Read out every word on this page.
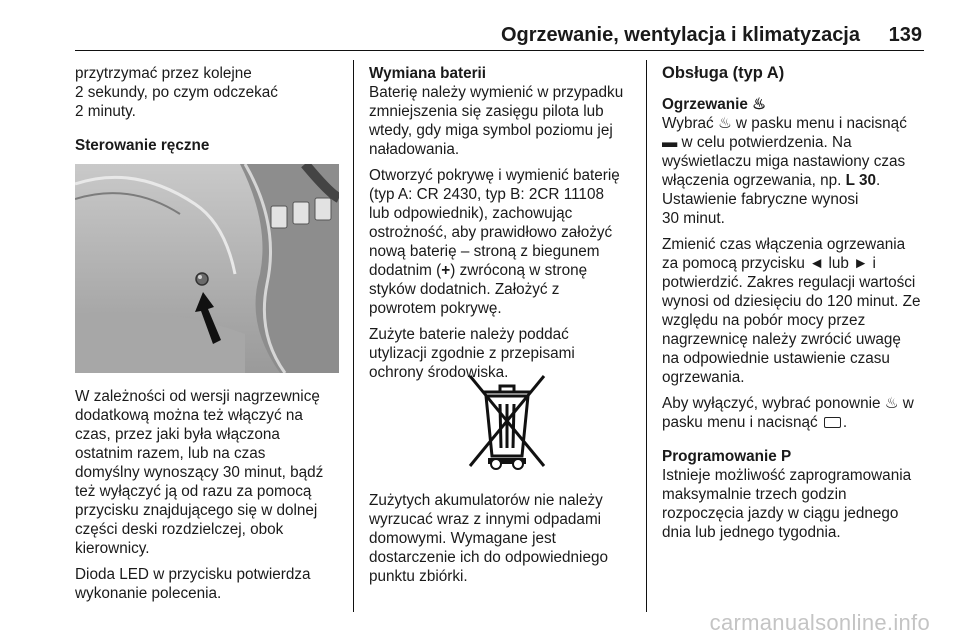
Ogrzewanie, wentylacja i klimatyzacja 139

przytrzymać przez kolejne
2 sekundy, po czym odczekać
2 minuty.

Sterowanie ręczne

W zależności od wersji nagrzewnicę
dodatkową można też włączyć na
czas, przez jaki była włączona
ostatnim razem, lub na czas
domyślny wynoszący 30 minut, bądź
też wyłączyć ją od razu za pomocą
przycisku znajdującego się w dolnej
części deski rozdzielczej, obok
kierownicy.

Dioda LED w przycisku potwierdza
wykonanie polecenia.

Wymiana baterii

Baterię należy wymienić w przypadku
zmniejszenia się zasięgu pilota lub
wtedy, gdy miga symbol poziomu jej
naładowania.

Otworzyć pokrywę i wymienić baterię
(typ A: CR 2430, typ B: 2CR 11108
lub odpowiednik), zachowując
ostrożność, aby prawidłowo założyć
nową baterię – stroną z biegunem
dodatnim (+) zwróconą w stronę
styków dodatnich. Założyć z
powrotem pokrywę.

Zużyte baterie należy poddać
utylizacji zgodnie z przepisami
ochrony środowiska.

Zużytych akumulatorów nie należy
wyrzucać wraz z innymi odpadami
domowymi. Wymagane jest
dostarczenie ich do odpowiedniego
punktu zbiórki.

Obsługa (typ A)
Ogrzewanie ♨

Wybrać ♨ w pasku menu i nacisnąć
▬ w celu potwierdzenia. Na
wyświetlaczu miga nastawiony czas
włączenia ogrzewania, np. L 30.
Ustawienie fabryczne wynosi
30 minut.

Zmienić czas włączenia ogrzewania
za pomocą przycisku ◄ lub ► i
potwierdzić. Zakres regulacji wartości
wynosi od dziesięciu do 120 minut. Ze
względu na pobór mocy przez
nagrzewnicę należy zwrócić uwagę
na odpowiednie ustawienie czasu
ogrzewania.

Aby wyłączyć, wybrać ponownie ♨ w
pasku menu i nacisnąć .

Programowanie P

Istnieje możliwość zaprogramowania
maksymalnie trzech godzin
rozpoczęcia jazdy w ciągu jednego
dnia lub jednego tygodnia.

carmanualsonline.info
